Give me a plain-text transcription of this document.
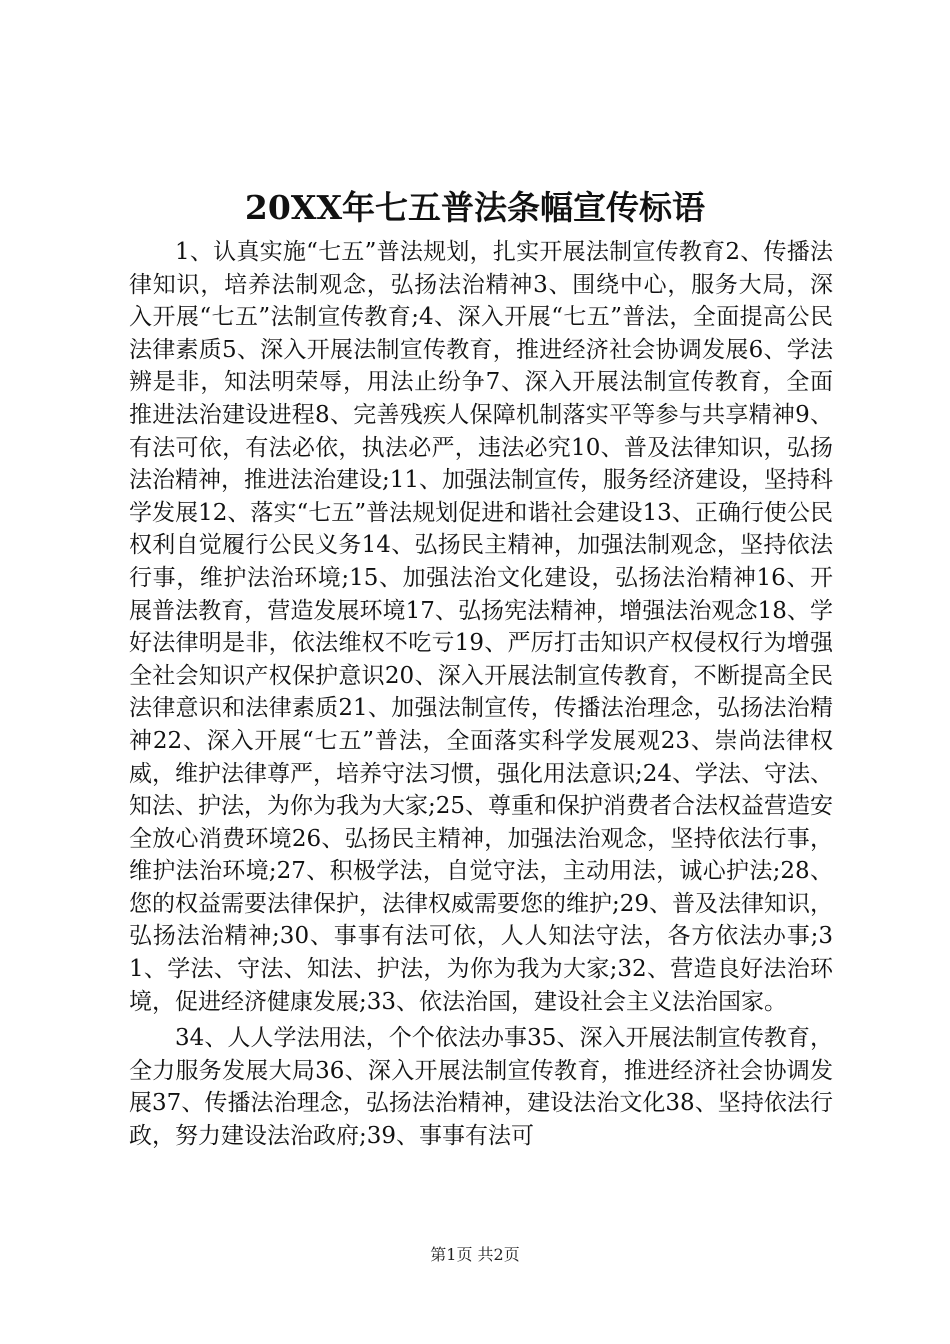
20XX年七五普法条幅宣传标语

1、认真实施“七五”普法规划，扎实开展法制宣传教育2、传播法律知识，培养法制观念，弘扬法治精神3、围绕中心，服务大局，深入开展“七五”法制宣传教育;4、深入开展“七五”普法，全面提高公民法律素质5、深入开展法制宣传教育，推进经济社会协调发展6、学法辨是非，知法明荣辱，用法止纷争7、深入开展法制宣传教育，全面推进法治建设进程8、完善残疾人保障机制落实平等参与共享精神9、有法可依，有法必依，执法必严，违法必究10、普及法律知识，弘扬法治精神，推进法治建设;11、加强法制宣传，服务经济建设，坚持科学发展12、落实“七五”普法规划促进和谐社会建设13、正确行使公民权利自觉履行公民义务14、弘扬民主精神，加强法制观念，坚持依法行事，维护法治环境;15、加强法治文化建设，弘扬法治精神16、开展普法教育，营造发展环境17、弘扬宪法精神，增强法治观念18、学好法律明是非，依法维权不吃亏19、严厉打击知识产权侵权行为增强全社会知识产权保护意识20、深入开展法制宣传教育，不断提高全民法律意识和法律素质21、加强法制宣传，传播法治理念，弘扬法治精神22、深入开展“七五”普法，全面落实科学发展观23、崇尚法律权威，维护法律尊严，培养守法习惯，强化用法意识;24、学法、守法、知法、护法，为你为我为大家;25、尊重和保护消费者合法权益营造安全放心消费环境26、弘扬民主精神，加强法治观念，坚持依法行事，维护法治环境;27、积极学法，自觉守法，主动用法，诚心护法;28、您的权益需要法律保护，法律权威需要您的维护;29、普及法律知识，弘扬法治精神;30、事事有法可依，人人知法守法，各方依法办事;31、学法、守法、知法、护法，为你为我为大家;32、营造良好法治环境，促进经济健康发展;33、依法治国，建设社会主义法治国家。

34、人人学法用法，个个依法办事35、深入开展法制宣传教育，全力服务发展大局36、深入开展法制宣传教育，推进经济社会协调发展37、传播法治理念，弘扬法治精神，建设法治文化38、坚持依法行政，努力建设法治政府;39、事事有法可

第1页 共2页
